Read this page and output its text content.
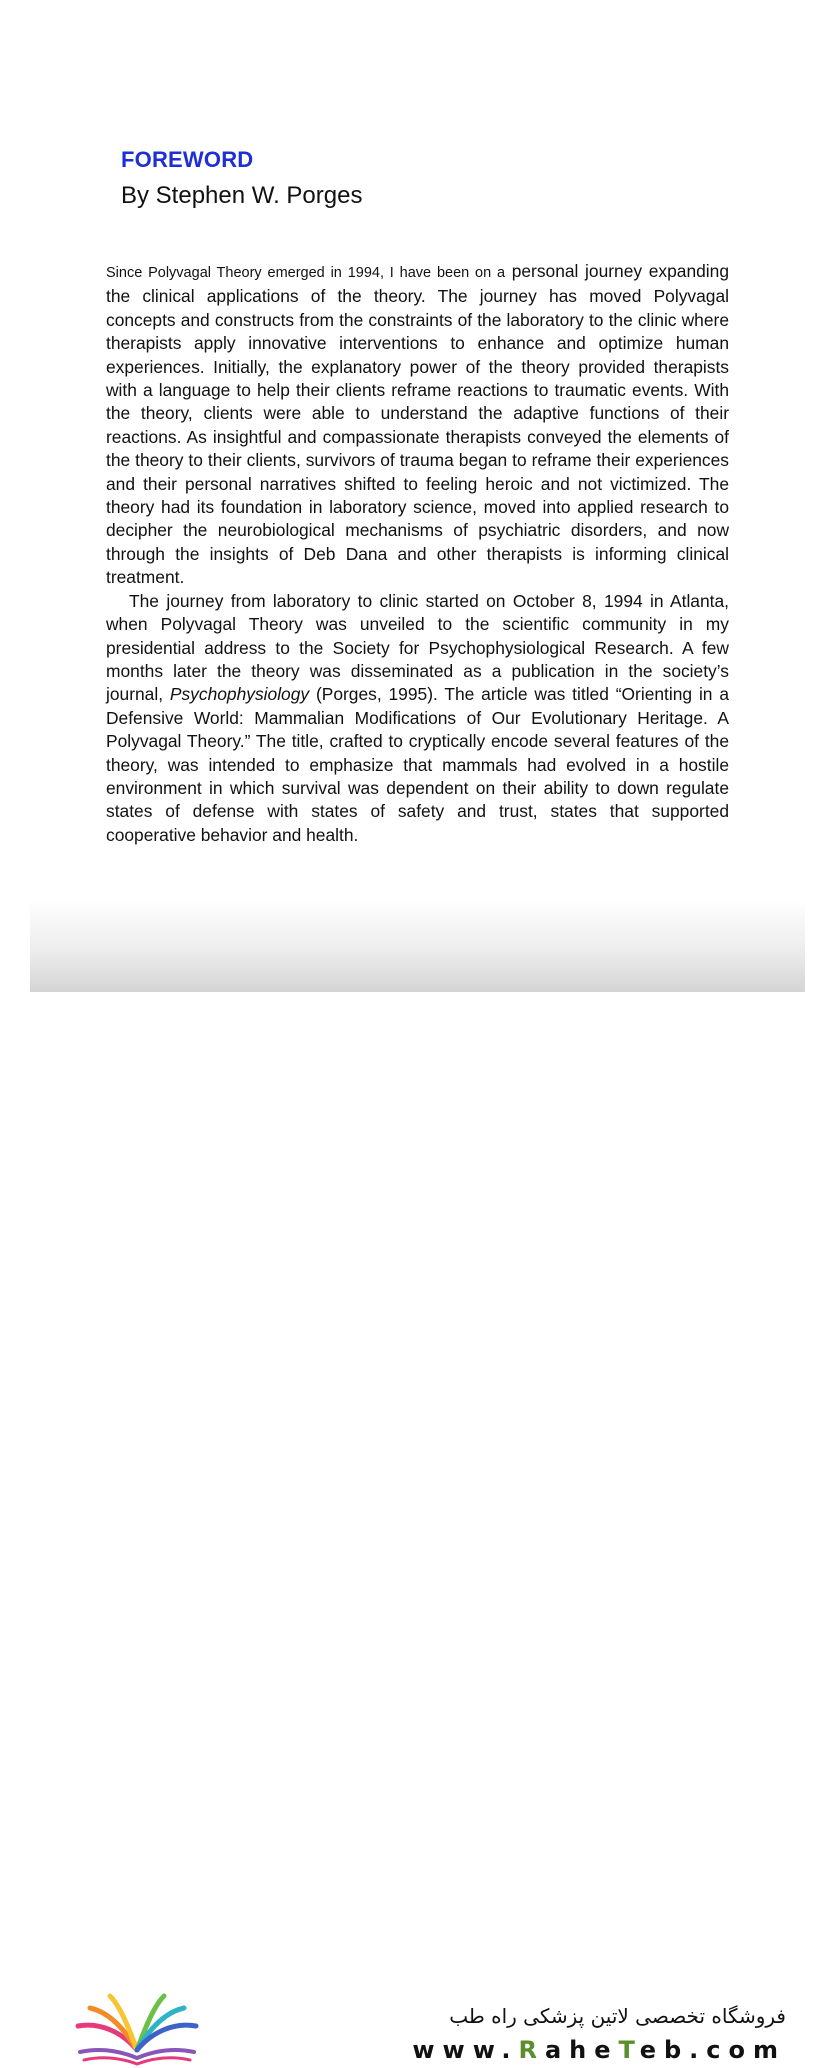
FOREWORD
By Stephen W. Porges

Since Polyvagal Theory emerged in 1994, I have been on a personal journey expanding the clinical applications of the theory. The journey has moved Polyvagal concepts and constructs from the constraints of the laboratory to the clinic where therapists apply innovative interventions to enhance and optimize human experiences. Initially, the explanatory power of the theory provided therapists with a language to help their clients reframe reactions to traumatic events. With the theory, clients were able to understand the adaptive functions of their reactions. As insightful and compassionate therapists conveyed the elements of the theory to their clients, survivors of trauma began to reframe their experiences and their personal narratives shifted to feeling heroic and not victimized. The theory had its foundation in laboratory science, moved into applied research to decipher the neurobiological mechanisms of psychiatric disorders, and now through the insights of Deb Dana and other therapists is informing clinical treatment.

The journey from laboratory to clinic started on October 8, 1994 in Atlanta, when Polyvagal Theory was unveiled to the scientific community in my presidential address to the Society for Psychophysiological Research. A few months later the theory was disseminated as a publication in the society’s journal, Psychophysiology (Porges, 1995). The article was titled “Orienting in a Defensive World: Mammalian Modifications of Our Evolutionary Heritage. A Polyvagal Theory.” The title, crafted to cryptically encode several features of the theory, was intended to emphasize that mammals had evolved in a hostile environment in which survival was dependent on their ability to down regulate states of defense with states of safety and trust, states that supported cooperative behavior and health.

فروشگاه تخصصی لاتین پزشکی راه طب
www.RaheTeb.com
